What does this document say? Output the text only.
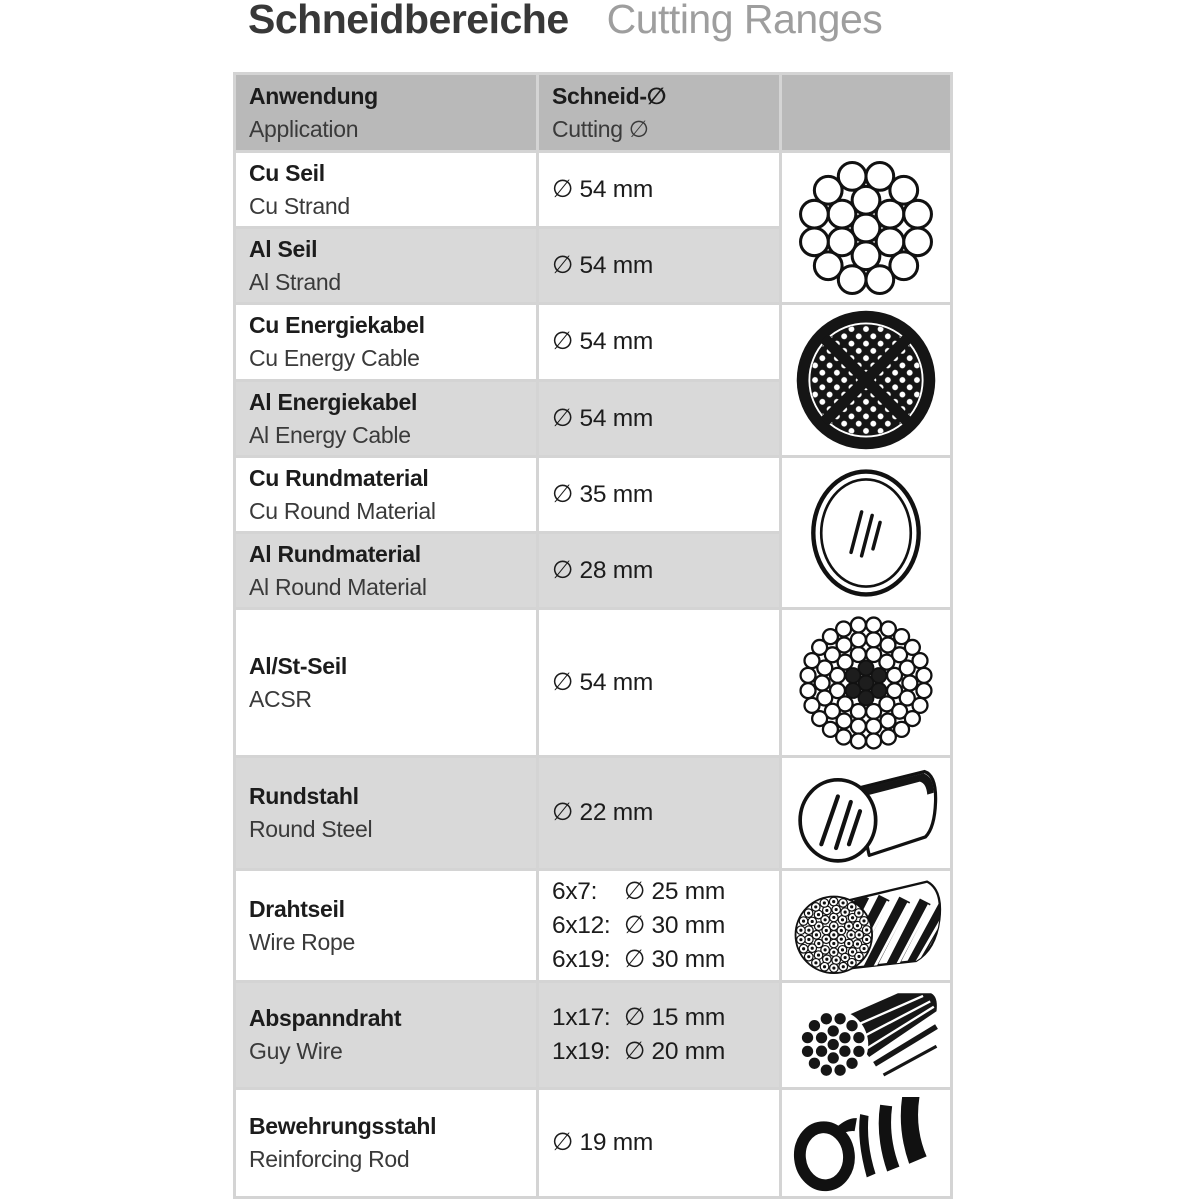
Schneidbereiche Cutting Ranges
Anwendung
Application
Schneid-∅
Cutting ∅
Cu Seil
Cu Strand
∅ 54 mm
Al Seil
Al Strand
∅ 54 mm
Cu Energiekabel
Cu Energy Cable
∅ 54 mm
Al Energiekabel
Al Energy Cable
∅ 54 mm
Cu Rundmaterial
Cu Round Material
∅ 35 mm
Al Rundmaterial
Al Round Material
∅ 28 mm
Al/St-Seil
ACSR
∅ 54 mm
Rundstahl
Round Steel
∅ 22 mm
Drahtseil
Wire Rope
6x7:	∅ 25 mm
6x12: ∅ 30 mm
6x19: ∅ 30 mm
Abspanndraht
Guy Wire
1x17: ∅ 15 mm
1x19: ∅ 20 mm
Bewehrungsstahl
Reinforcing Rod
∅ 19 mm
